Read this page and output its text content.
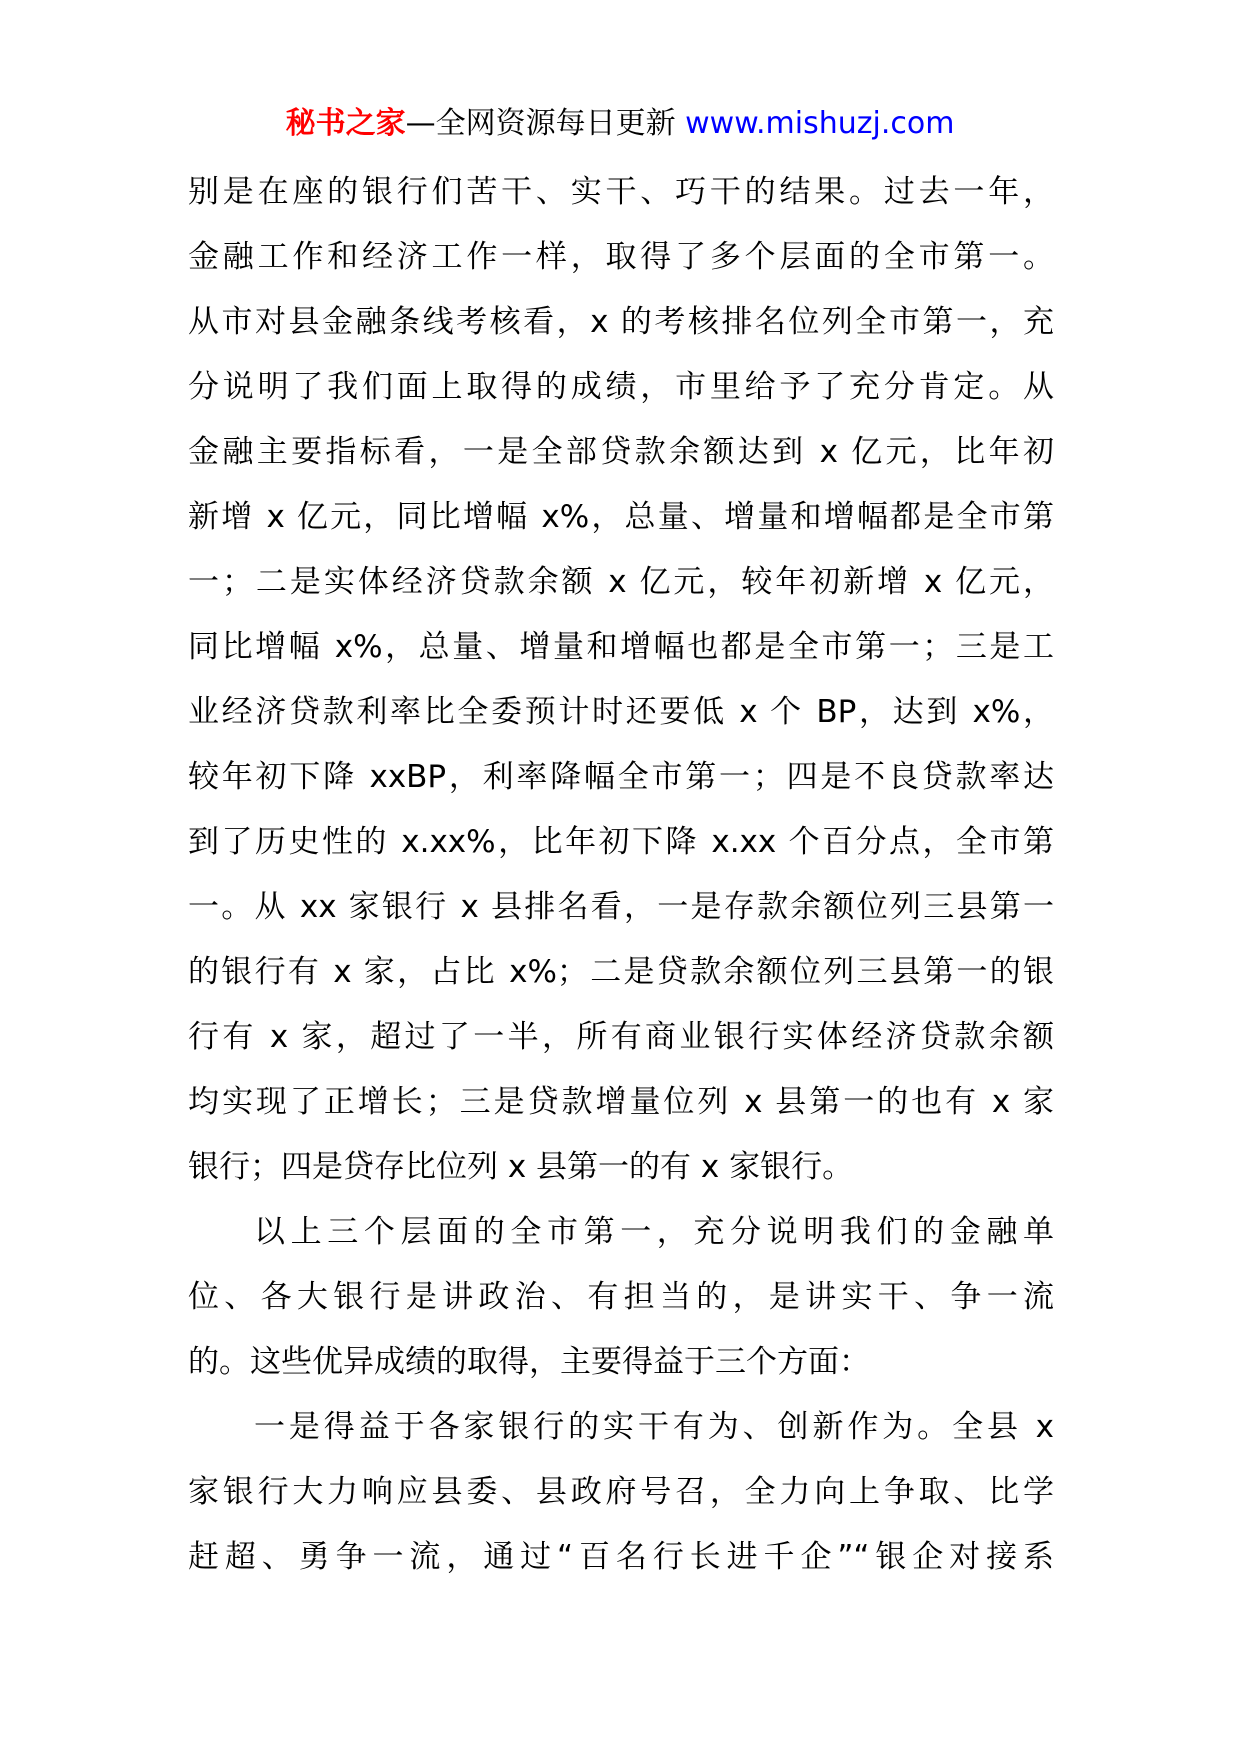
秘书之家—全网资源每日更新 www.mishuzj.com
别是在座的银行们苦干、实干、巧干的结果。过去一年，
金融工作和经济工作一样，取得了多个层面的全市第一。
从市对县金融条线考核看，x 的考核排名位列全市第一，充
分说明了我们面上取得的成绩，市里给予了充分肯定。从
金融主要指标看，一是全部贷款余额达到 x 亿元，比年初
新增 x 亿元，同比增幅 x%，总量、增量和增幅都是全市第
一；二是实体经济贷款余额 x 亿元，较年初新增 x 亿元，
同比增幅 x%，总量、增量和增幅也都是全市第一；三是工
业经济贷款利率比全委预计时还要低 x 个 BP，达到 x%，
较年初下降 xxBP，利率降幅全市第一；四是不良贷款率达
到了历史性的 x.xx%，比年初下降 x.xx 个百分点，全市第
一。从 xx 家银行 x 县排名看，一是存款余额位列三县第一
的银行有 x 家，占比 x%；二是贷款余额位列三县第一的银
行有 x 家，超过了一半，所有商业银行实体经济贷款余额
均实现了正增长；三是贷款增量位列 x 县第一的也有 x 家
银行；四是贷存比位列 x 县第一的有 x 家银行。
以上三个层面的全市第一，充分说明我们的金融单
位、各大银行是讲政治、有担当的，是讲实干、争一流
的。这些优异成绩的取得，主要得益于三个方面：
一是得益于各家银行的实干有为、创新作为。全县 x
家银行大力响应县委、县政府号召，全力向上争取、比学
赶超、勇争一流，通过“百名行长进千企”“银企对接系
